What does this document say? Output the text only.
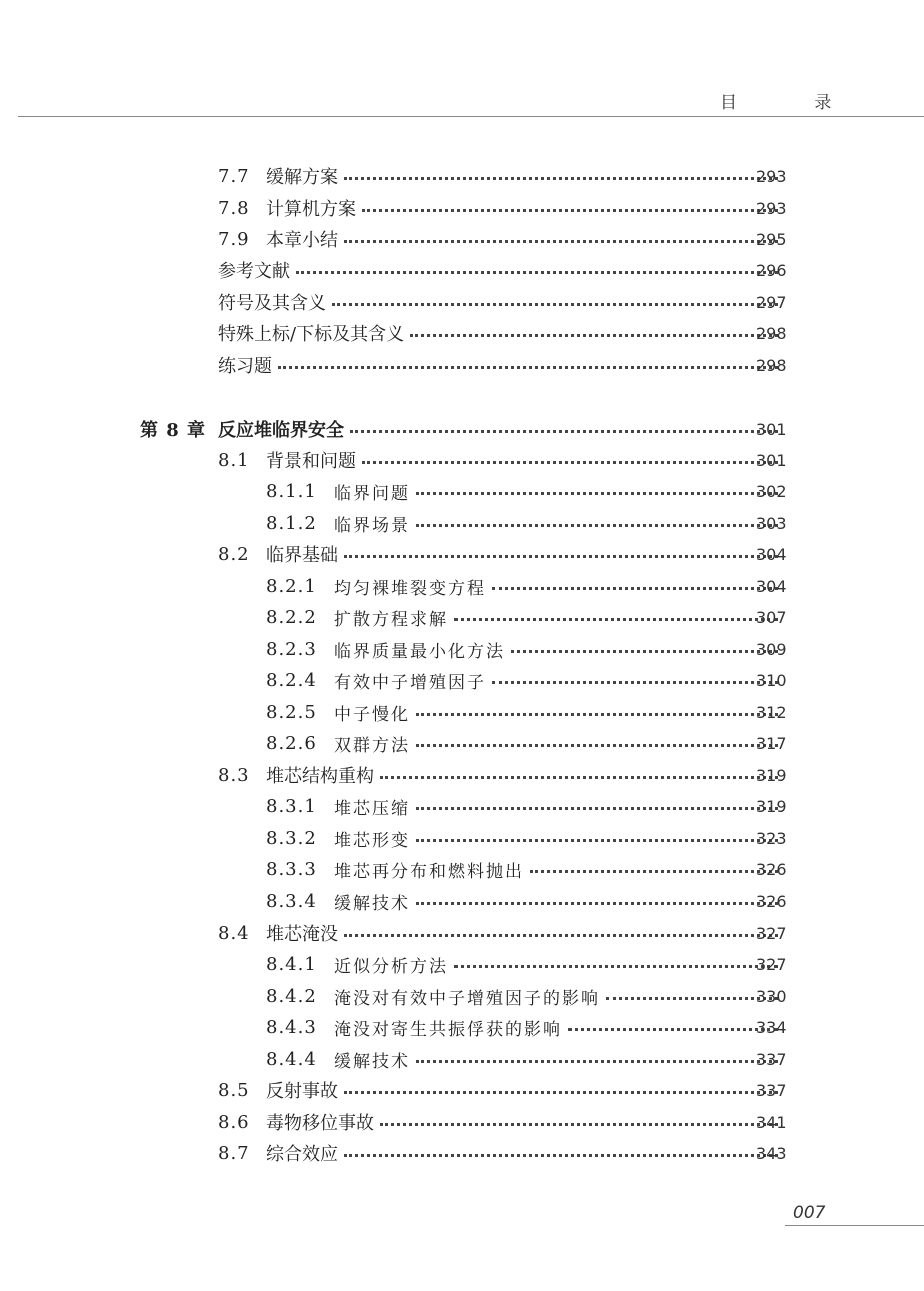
目 录
7.7 缓解方案	293
7.8 计算机方案	293
7.9 本章小结	295
参考文献	296
符号及其含义	297
特殊上标/下标及其含义	298
练习题	298
第 8 章 反应堆临界安全	301
8.1 背景和问题	301
8.1.1 临界问题	302
8.1.2 临界场景	303
8.2 临界基础	304
8.2.1 均匀裸堆裂变方程	304
8.2.2 扩散方程求解	307
8.2.3 临界质量最小化方法	309
8.2.4 有效中子增殖因子	310
8.2.5 中子慢化	312
8.2.6 双群方法	317
8.3 堆芯结构重构	319
8.3.1 堆芯压缩	319
8.3.2 堆芯形变	323
8.3.3 堆芯再分布和燃料抛出	326
8.3.4 缓解技术	326
8.4 堆芯淹没	327
8.4.1 近似分析方法	327
8.4.2 淹没对有效中子增殖因子的影响	330
8.4.3 淹没对寄生共振俘获的影响	334
8.4.4 缓解技术	337
8.5 反射事故	337
8.6 毒物移位事故	341
8.7 综合效应	343
007
